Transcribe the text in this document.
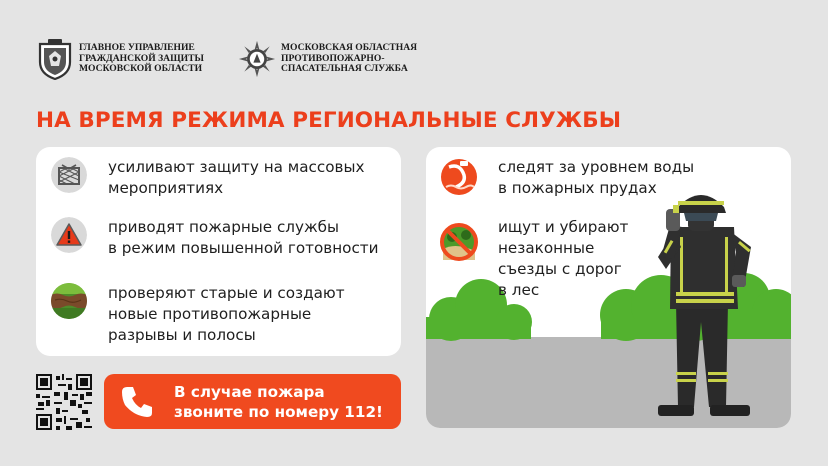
ГЛАВНОЕ УПРАВЛЕНИЕ
ГРАЖДАНСКОЙ ЗАЩИТЫ
МОСКОВСКОЙ ОБЛАСТИ
МОСКОВСКАЯ ОБЛАСТНАЯ
ПРОТИВОПОЖАРНО-
СПАСАТЕЛЬНАЯ СЛУЖБА
НА ВРЕМЯ РЕЖИМА РЕГИОНАЛЬНЫЕ СЛУЖБЫ
усиливают защиту на массовых
мероприятиях
приводят пожарные службы
в режим повышенной готовности
проверяют старые и создают
новые противопожарные
разрывы и полосы
следят за уровнем воды
в пожарных прудах
ищут и убирают
незаконные
съезды с дорог
в лес
В случае пожара
звоните по номеру 112!
